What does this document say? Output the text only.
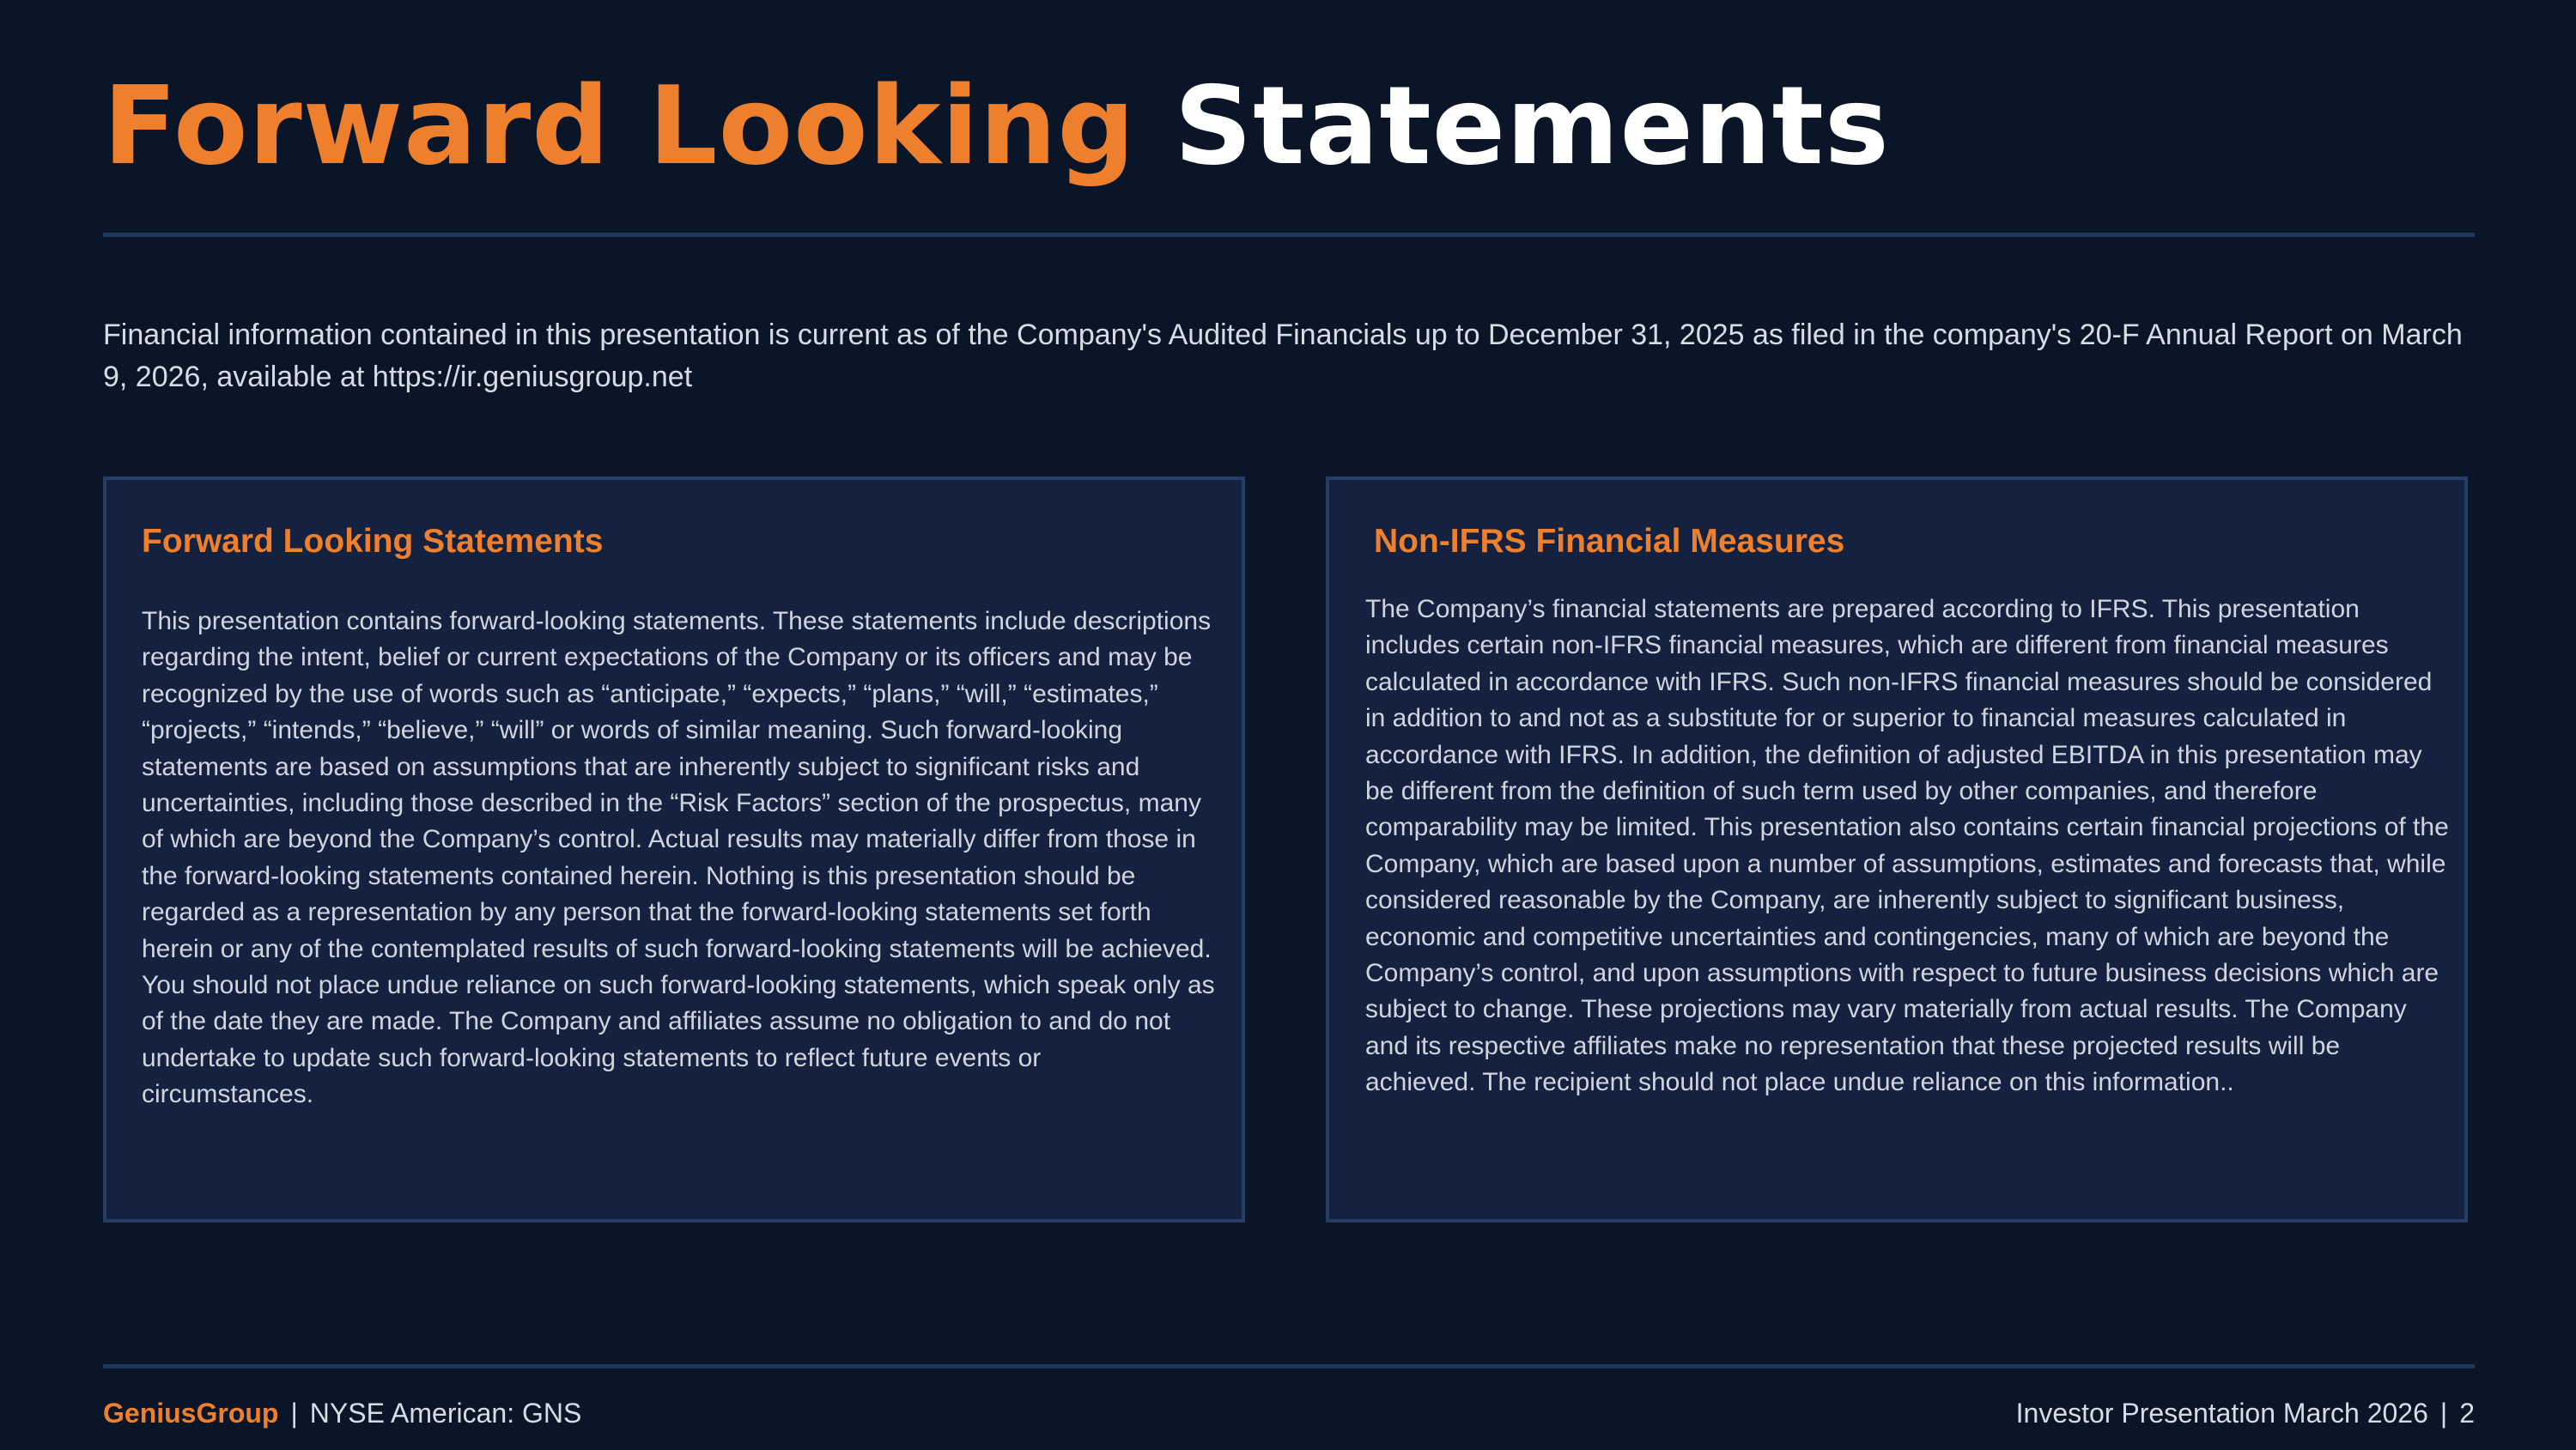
Forward Looking Statements

Financial information contained in this presentation is current as of the Company's Audited Financials up to December 31, 2025 as filed in the company's 20-F Annual Report on March 9, 2026, available at https://ir.geniusgroup.net

Forward Looking Statements

This presentation contains forward-looking statements. These statements include descriptions regarding the intent, belief or current expectations of the Company or its officers and may be recognized by the use of words such as “anticipate,” “expects,” “plans,” “will,” “estimates,” “projects,” “intends,” “believe,” “will” or words of similar meaning. Such forward-looking statements are based on assumptions that are inherently subject to significant risks and uncertainties, including those described in the “Risk Factors” section of the prospectus, many of which are beyond the Company’s control. Actual results may materially differ from those in the forward-looking statements contained herein. Nothing is this presentation should be regarded as a representation by any person that the forward-looking statements set forth herein or any of the contemplated results of such forward-looking statements will be achieved. You should not place undue reliance on such forward-looking statements, which speak only as of the date they are made. The Company and affiliates assume no obligation to and do not undertake to update such forward-looking statements to reflect future events or circumstances.

Non-IFRS Financial Measures

The Company’s financial statements are prepared according to IFRS. This presentation includes certain non-IFRS financial measures, which are different from financial measures calculated in accordance with IFRS. Such non-IFRS financial measures should be considered in addition to and not as a substitute for or superior to financial measures calculated in accordance with IFRS. In addition, the definition of adjusted EBITDA in this presentation may be different from the definition of such term used by other companies, and therefore comparability may be limited. This presentation also contains certain financial projections of the Company, which are based upon a number of assumptions, estimates and forecasts that, while considered reasonable by the Company, are inherently subject to significant business, economic and competitive uncertainties and contingencies, many of which are beyond the Company’s control, and upon assumptions with respect to future business decisions which are subject to change. These projections may vary materially from actual results. The Company and its respective affiliates make no representation that these projected results will be achieved. The recipient should not place undue reliance on this information..

GeniusGroup | NYSE American: GNS	Investor Presentation March 2026 | 2
